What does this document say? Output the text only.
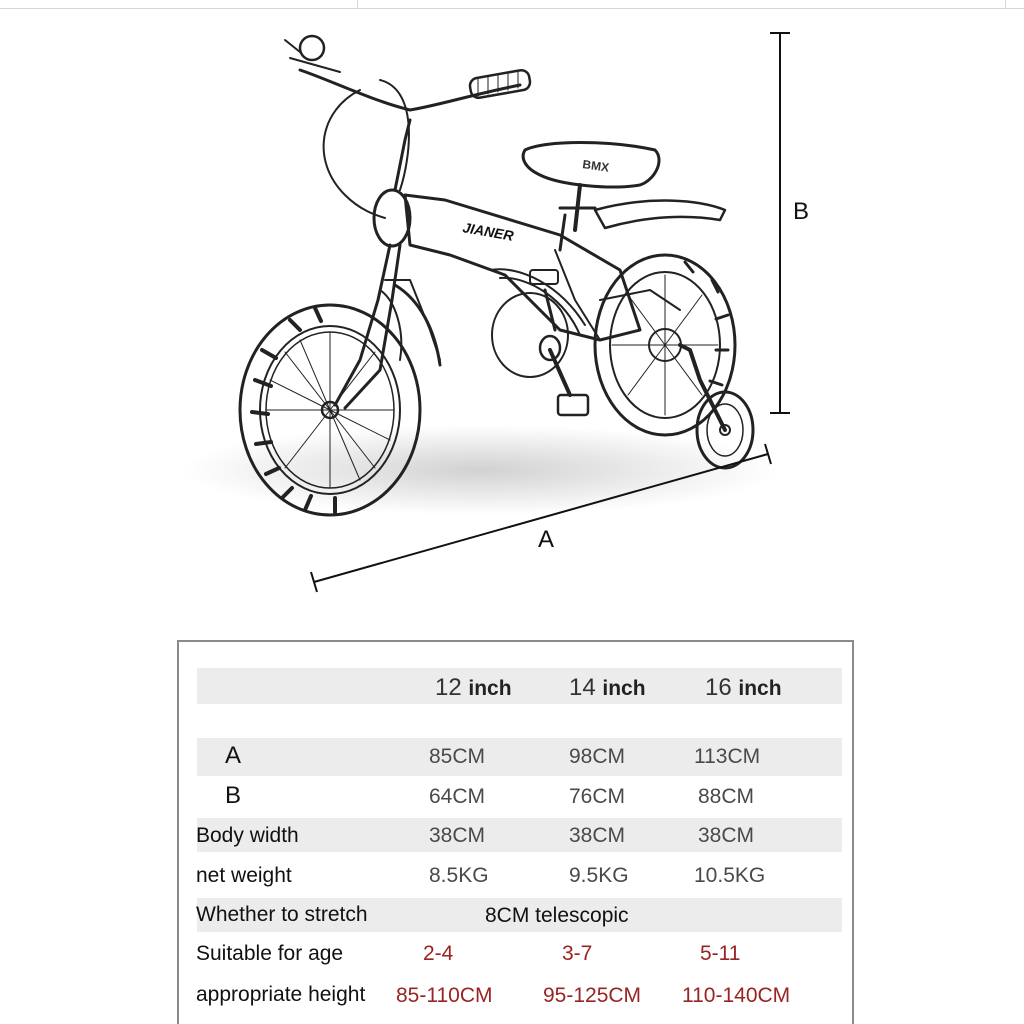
JIANER
BMX
B
A
12 inch 14 inch 16 inch
A	85CM	98CM	113CM
B	64CM	76CM	88CM
Body width	38CM	38CM	38CM
net weight	8.5KG	9.5KG	10.5KG
Whether to stretch	8CM telescopic
Suitable for age	2-4	3-7	5-11
appropriate height 85-110CM 95-125CM 110-140CM
